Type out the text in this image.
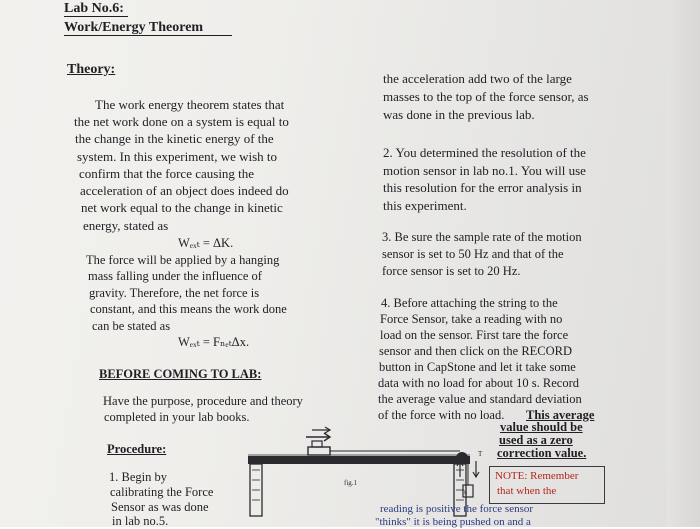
Lab No.6:
Work/Energy Theorem
Theory:
The work energy theorem states that
the net work done on a system is equal to
the change in the kinetic energy of the
system. In this experiment, we wish to
confirm that the force causing the
acceleration of an object does indeed do
net work equal to the change in kinetic
energy, stated as
Wₑₓₜ = ΔK.
The force will be applied by a hanging
mass falling under the influence of
gravity. Therefore, the net force is
constant, and this means the work done
can be stated as
Wₑₓₜ = FₙₑₜΔx.
BEFORE COMING TO LAB:
Have the purpose, procedure and theory
completed in your lab books.
Procedure:
1. Begin by
calibrating the Force
Sensor as was done
in lab no.5.
the acceleration add two of the large
masses to the top of the force sensor, as
was done in the previous lab.
2. You determined the resolution of the
motion sensor in lab no.1. You will use
this resolution for the error analysis in
this experiment.
3. Be sure the sample rate of the motion
sensor is set to 50 Hz and that of the
force sensor is set to 20 Hz.
4. Before attaching the string to the
Force Sensor, take a reading with no
load on the sensor. First tare the force
sensor and then click on the RECORD
button in CapStone and let it take some
data with no load for about 10 s. Record
the average value and standard deviation
of the force with no load. This average
value should be
used as a zero
correction value.
T
g
fig.1
NOTE: Remember
that when the
reading is positive the force sensor
"thinks" it is being pushed on and a
